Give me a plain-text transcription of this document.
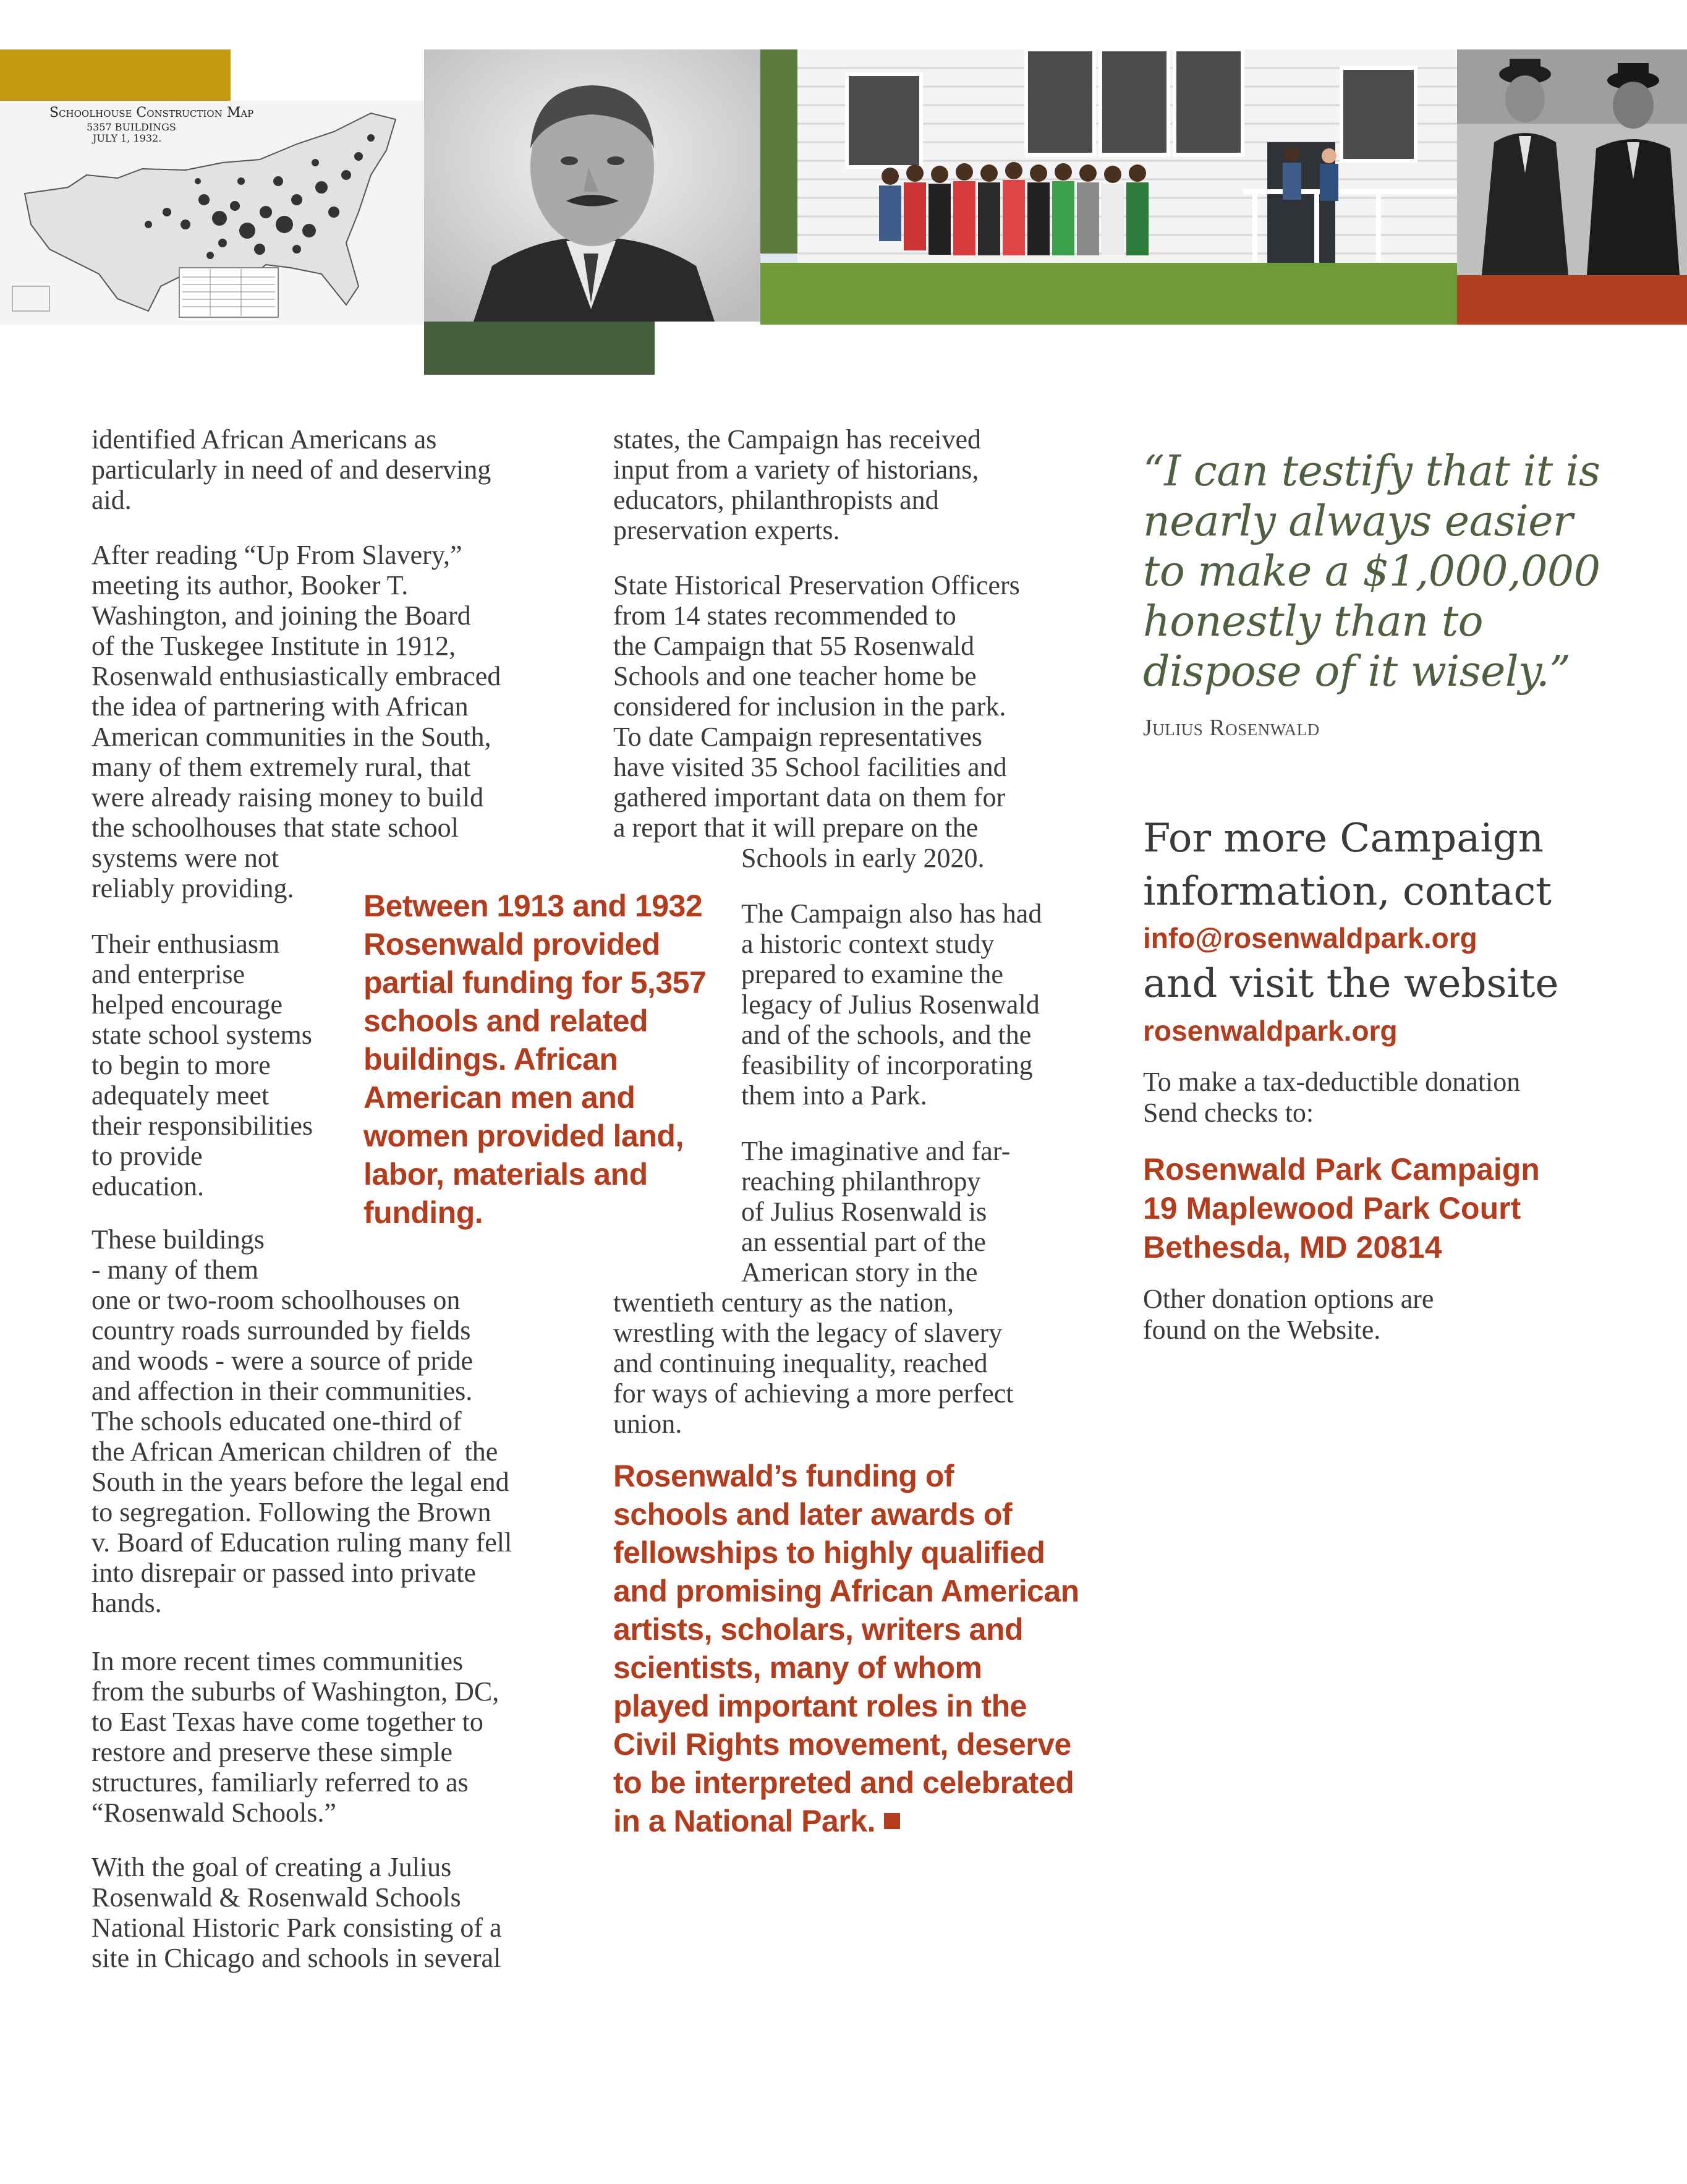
Schoolhouse Construction Map
5357 BUILDINGS
JULY 1, 1932.

identified African Americans as

particularly in need of and deserving

aid.

After reading “Up From Slavery,”

meeting its author, Booker T.

Washington, and joining the Board

of the Tuskegee Institute in 1912,

Rosenwald enthusiastically embraced

the idea of partnering with African

American communities in the South,

many of them extremely rural, that

were already raising money to build

the schoolhouses that state school

systems were not

reliably providing.

Their enthusiasm

and enterprise

helped encourage

state school systems

to begin to more

adequately meet

their responsibilities

to provide

education.

These buildings

- many of them

one or two-room schoolhouses on

country roads surrounded by fields

and woods - were a source of pride

and affection in their communities.

The schools educated one-third of

the African American children of  the

South in the years before the legal end

to segregation. Following the Brown

v. Board of Education ruling many fell

into disrepair or passed into private

hands.

In more recent times communities

from the suburbs of Washington, DC,

to East Texas have come together to

restore and preserve these simple

structures, familiarly referred to as

“Rosenwald Schools.”

With the goal of creating a Julius

Rosenwald & Rosenwald Schools

National Historic Park consisting of a

site in Chicago and schools in several

Between 1913 and 1932

Rosenwald provided

partial funding for 5,357

schools and related

buildings. African

American men and

women provided land,

labor, materials and

funding.

states, the Campaign has received

input from a variety of historians,

educators, philanthropists and

preservation experts.

State Historical Preservation Officers

from 14 states recommended to

the Campaign that 55 Rosenwald

Schools and one teacher home be

considered for inclusion in the park.

To date Campaign representatives

have visited 35 School facilities and

gathered important data on them for

a report that it will prepare on the

Schools in early 2020.

The Campaign also has had

a historic context study

prepared to examine the

legacy of Julius Rosenwald

and of the schools, and the

feasibility of incorporating

them into a Park.

The imaginative and far-

reaching philanthropy

of Julius Rosenwald is

an essential part of the

American story in the

twentieth century as the nation,

wrestling with the legacy of slavery

and continuing inequality, reached

for ways of achieving a more perfect

union.

Rosenwald’s funding of

schools and later awards of

fellowships to highly qualified

and promising African American

artists, scholars, writers and

scientists, many of whom

played important roles in the

Civil Rights movement, deserve

to be interpreted and celebrated

in a National Park.

“I can testify that it is

nearly always easier

to make a $1,000,000

honestly than to

dispose of it wisely.”

Julius Rosenwald
For more Campaign
information, contact
info@rosenwaldpark.org
and visit the website
rosenwaldpark.org

To make a tax-deductible donation

Send checks to:

Rosenwald Park Campaign

19 Maplewood Park Court

Bethesda, MD 20814

Other donation options are

found on the Website.
